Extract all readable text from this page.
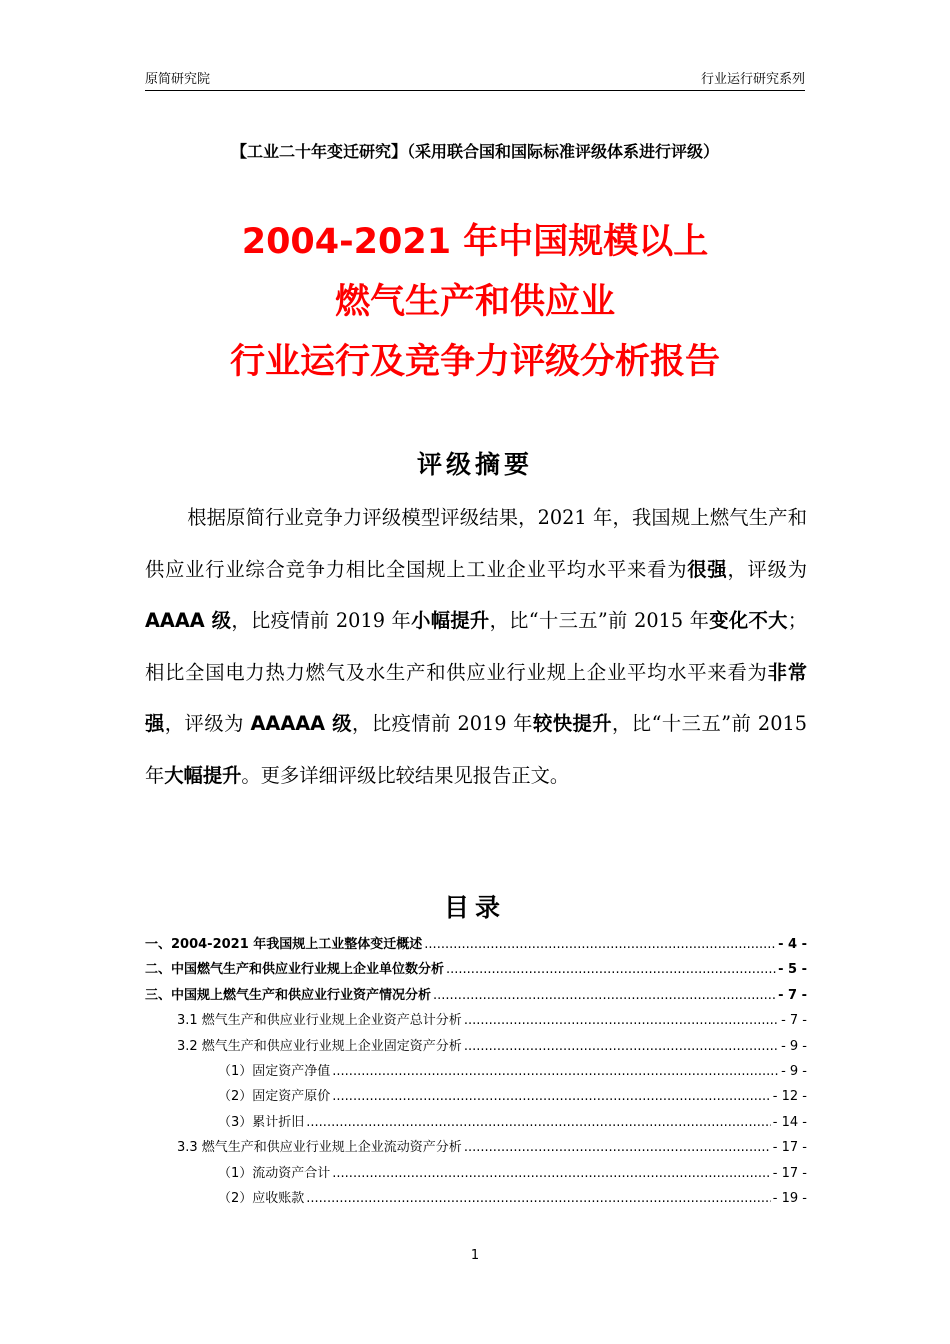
原简研究院	行业运行研究系列
【工业二十年变迁研究】（采用联合国和国际标准评级体系进行评级）
2004-2021 年中国规模以上
燃气生产和供应业
行业运行及竞争力评级分析报告
评级摘要
根据原简行业竞争力评级模型评级结果，2021 年，我国规上燃气生产和供应业行业综合竞争力相比全国规上工业企业平均水平来看为很强，评级为 AAAA 级，比疫情前 2019 年小幅提升，比“十三五”前 2015 年变化不大；相比全国电力热力燃气及水生产和供应业行业规上企业平均水平来看为非常强，评级为 AAAAA 级，比疫情前 2019 年较快提升，比“十三五”前 2015 年大幅提升。更多详细评级比较结果见报告正文。
目录
一、2004-2021 年我国规上工业整体变迁概述 .....	- 4 -
二、中国燃气生产和供应业行业规上企业单位数分析 .....	- 5 -
三、中国规上燃气生产和供应业行业资产情况分析 .....	- 7 -
3.1 燃气生产和供应业行业规上企业资产总计分析 .....	- 7 -
3.2 燃气生产和供应业行业规上企业固定资产分析 .....	- 9 -
（1）固定资产净值 .....	- 9 -
（2）固定资产原价 .....	- 12 -
（3）累计折旧 .....	- 14 -
3.3 燃气生产和供应业行业规上企业流动资产分析 .....	- 17 -
（1）流动资产合计 .....	- 17 -
（2）应收账款 .....	- 19 -
1
